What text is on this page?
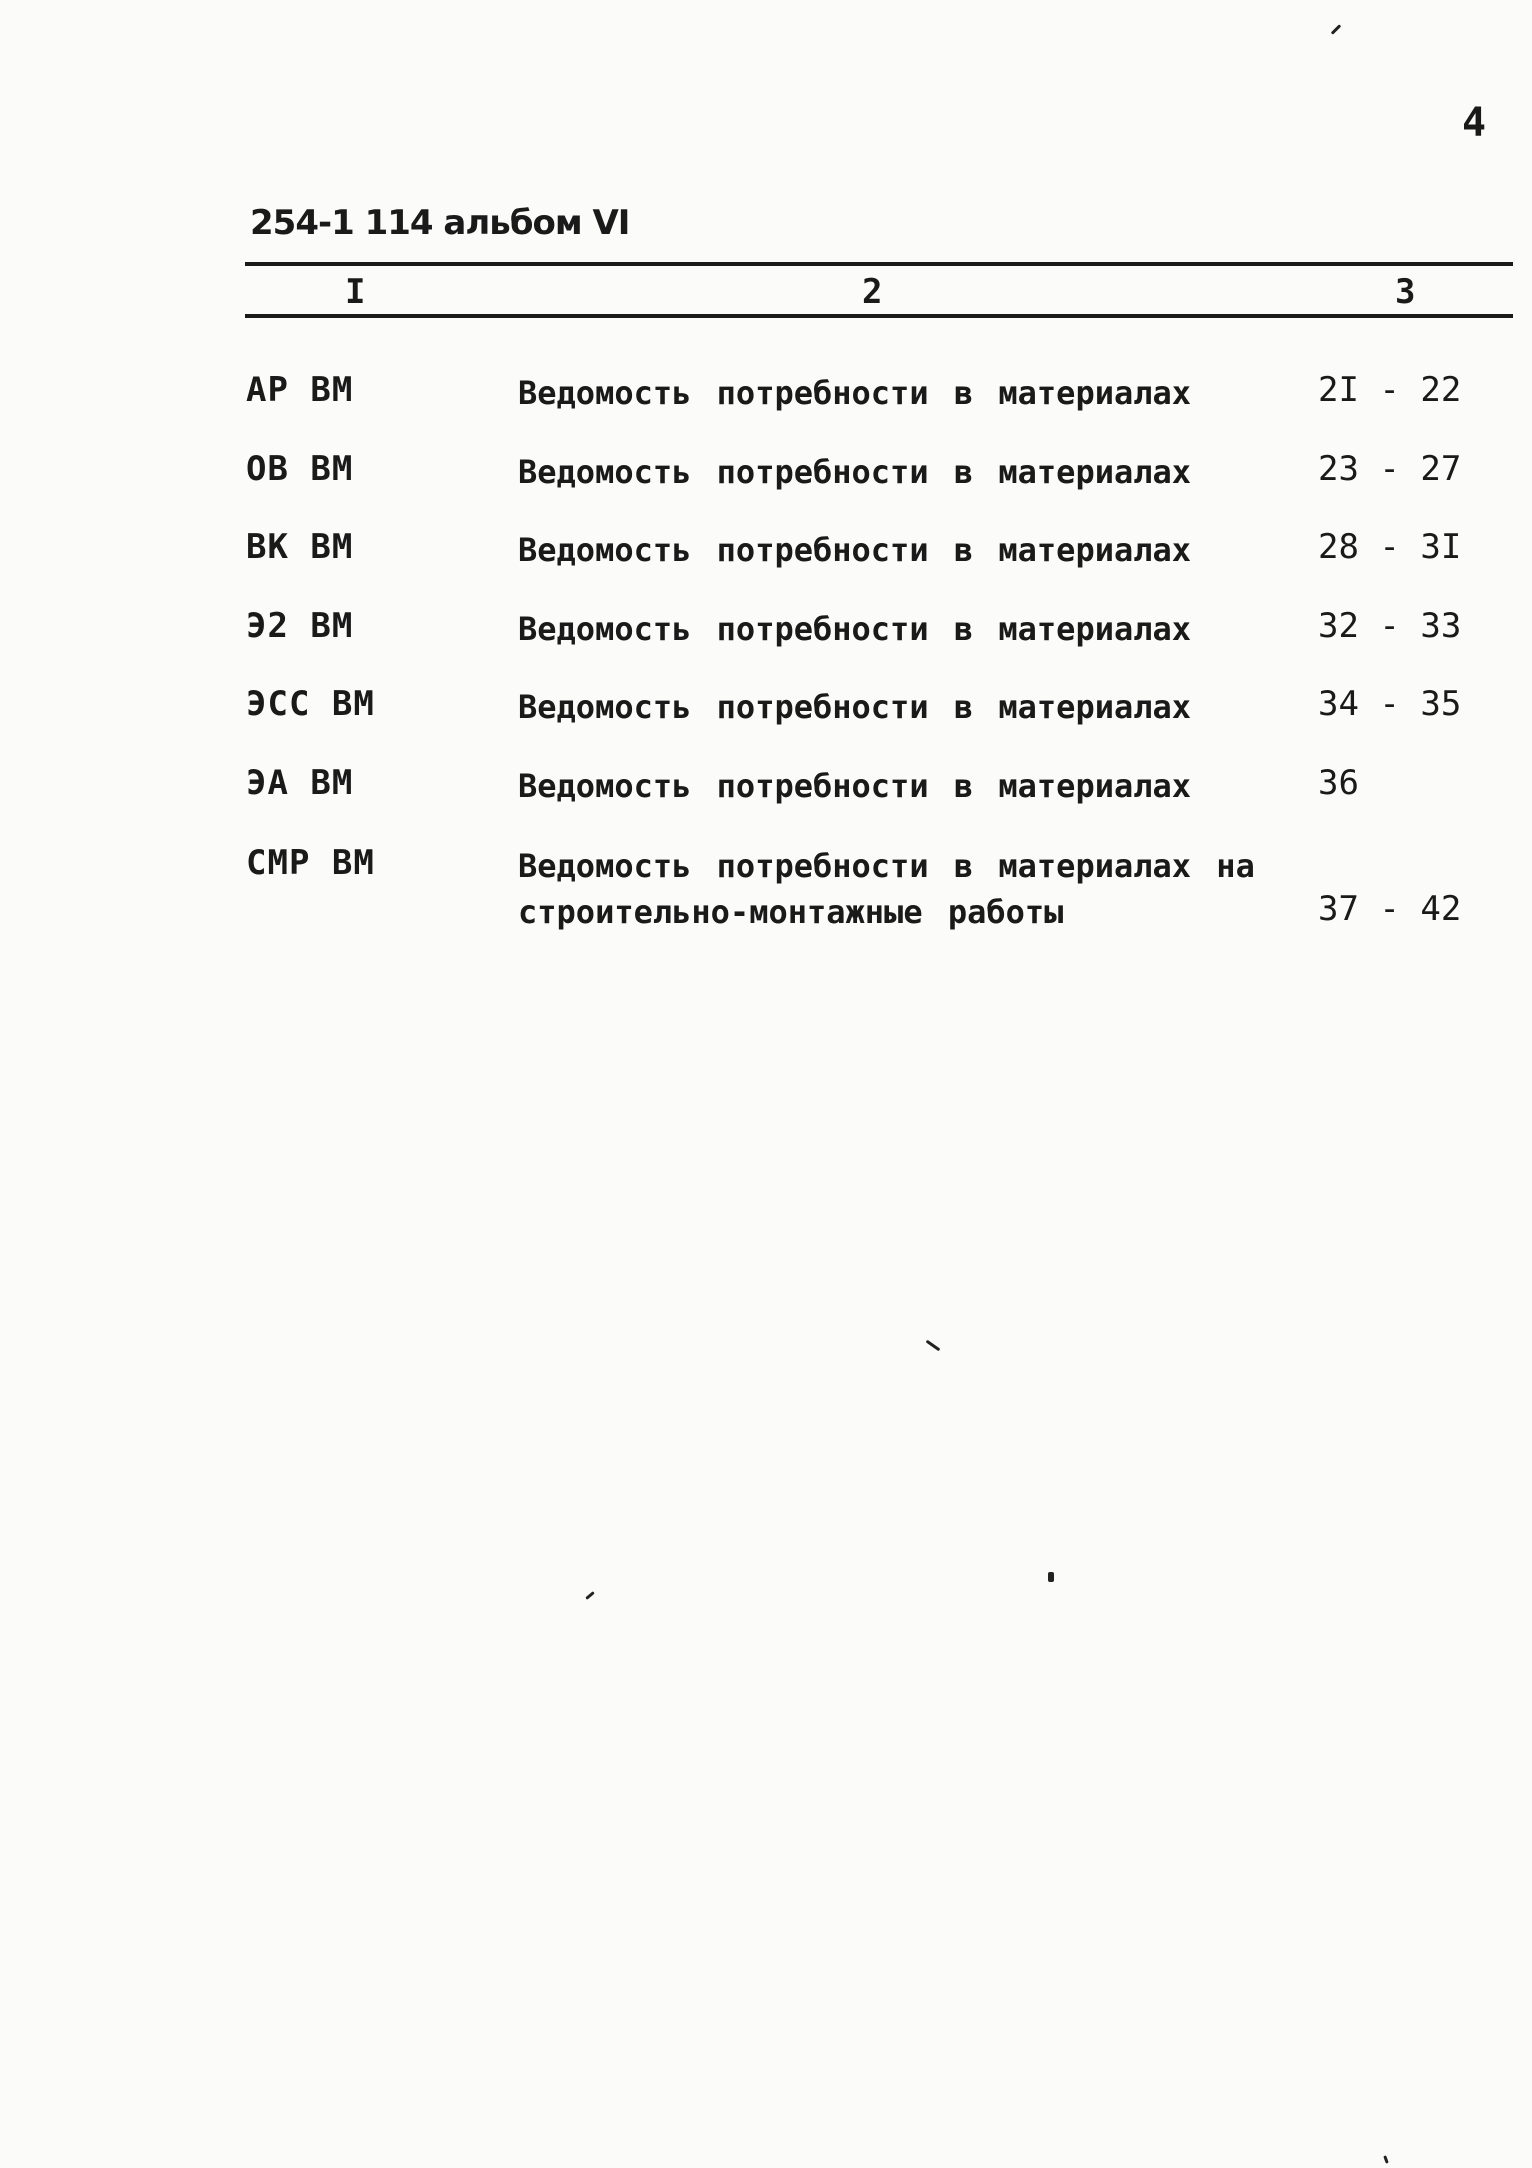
4
254-1 114 альбом VI
I	2	3
АР ВМ	Ведомость потребности в материалах	2I - 22
ОВ ВМ	Ведомость потребности в материалах	23 - 27
ВК ВМ	Ведомость потребности в материалах	28 - 3I
Э2 ВМ	Ведомость потребности в материалах	32 - 33
ЭСС ВМ	Ведомость потребности в материалах	34 - 35
ЭА ВМ	Ведомость потребности в материалах	36
СМР ВМ	Ведомость потребности в материалах на
строительно-монтажные работы	37 - 42
